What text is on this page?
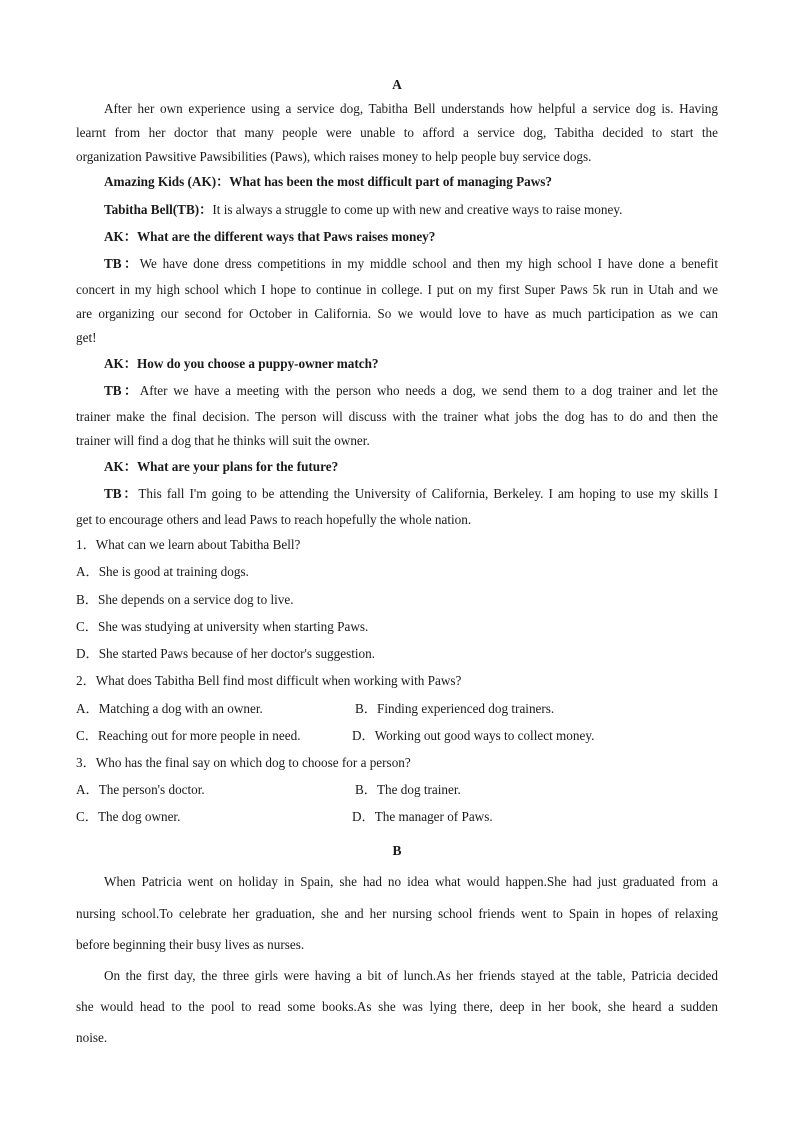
A
After her own experience using a service dog, Tabitha Bell understands how helpful a service dog is. Having
learnt from her doctor that many people were unable to afford a service dog, Tabitha decided to start the
organization Pawsitive Pawsibilities (Paws), which raises money to help people buy service dogs.
Amazing Kids (AK)：What has been the most difficult part of managing Paws?
Tabitha Bell(TB)：It is always a struggle to come up with new and creative ways to raise money.
AK：What are the different ways that Paws raises money?
TB：We have done dress competitions in my middle school and then my high school I have done a benefit
concert in my high school which I hope to continue in college. I put on my first Super Paws 5k run in Utah and we
are organizing our second for October in California. So we would love to have as much participation as we can
get!
AK：How do you choose a puppy-owner match?
TB：After we have a meeting with the person who needs a dog, we send them to a dog trainer and let the
trainer make the final decision. The person will discuss with the trainer what jobs the dog has to do and then the
trainer will find a dog that he thinks will suit the owner.
AK：What are your plans for the future?
TB：This fall I'm going to be attending the University of California, Berkeley. I am hoping to use my skills I
get to encourage others and lead Paws to reach hopefully the whole nation.
1．What can we learn about Tabitha Bell?
A．She is good at training dogs.
B．She depends on a service dog to live.
C．She was studying at university when starting Paws.
D．She started Paws because of her doctor's suggestion.
2．What does Tabitha Bell find most difficult when working with Paws?
A．Matching a dog with an owner.	B．Finding experienced dog trainers.
C．Reaching out for more people in need.	D．Working out good ways to collect money.
3．Who has the final say on which dog to choose for a person?
A．The person's doctor.	B．The dog trainer.
C．The dog owner.	D．The manager of Paws.
B
When Patricia went on holiday in Spain, she had no idea what would happen.She had just graduated from a
nursing school.To celebrate her graduation, she and her nursing school friends went to Spain in hopes of relaxing
before beginning their busy lives as nurses.
On the first day, the three girls were having a bit of lunch.As her friends stayed at the table, Patricia decided
she would head to the pool to read some books.As she was lying there, deep in her book, she heard a sudden
noise.
